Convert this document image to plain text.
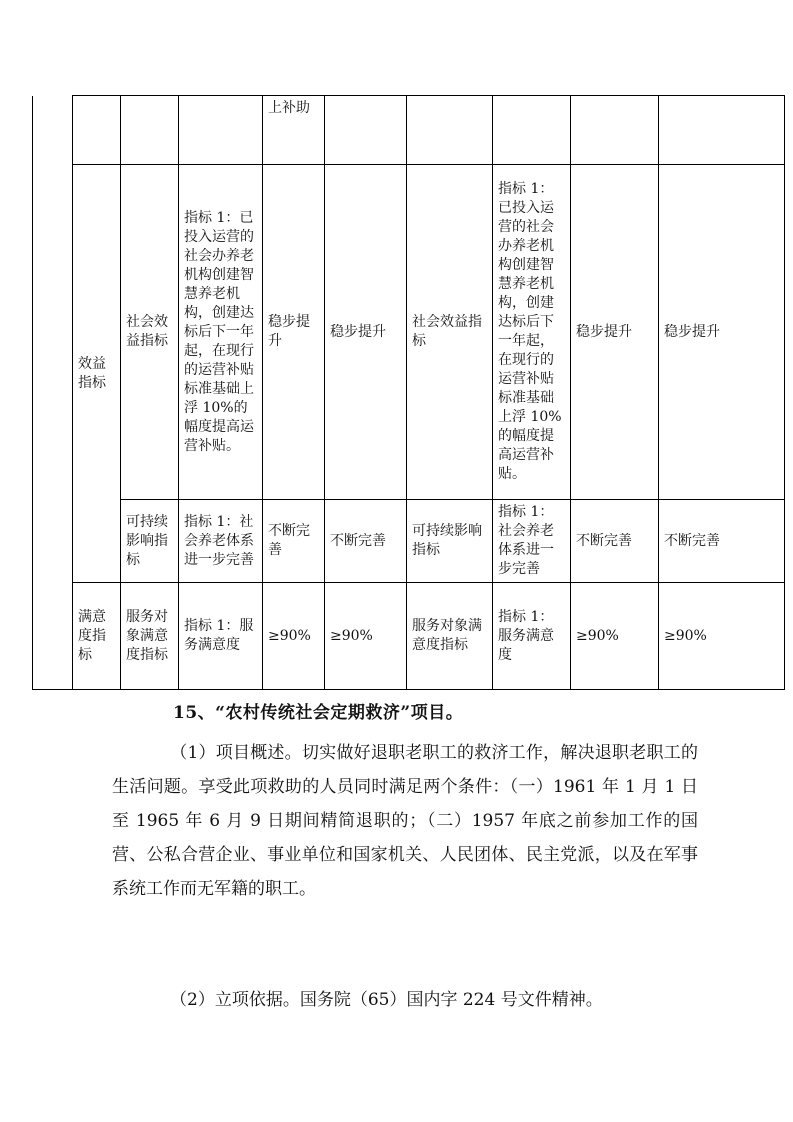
				上补助					
	效益指标	社会效益指标	指标 1：已投入运营的社会办养老机构创建智慧养老机构，创建达标后下一年起，在现行的运营补贴标准基础上浮 10%的幅度提高运营补贴。	稳步提升	稳步提升	社会效益指标	指标 1：已投入运营的社会办养老机构创建智慧养老机构，创建达标后下一年起，在现行的运营补贴标准基础上浮 10%的幅度提高运营补贴。	稳步提升	稳步提升
		可持续影响指标	指标 1：社会养老体系进一步完善	不断完善	不断完善	可持续影响指标	指标 1：社会养老体系进一步完善	不断完善	不断完善
	满意度指标	服务对象满意度指标	指标 1：服务满意度	≥90%	≥90%	服务对象满意度指标	指标 1：服务满意度	≥90%	≥90%
15、“农村传统社会定期救济”项目。
（1）项目概述。切实做好退职老职工的救济工作，解决退职老职工的生活问题。享受此项救助的人员同时满足两个条件：（一）1961 年 1 月 1 日至 1965 年 6 月 9 日期间精简退职的；（二）1957 年底之前参加工作的国营、公私合营企业、事业单位和国家机关、人民团体、民主党派，以及在军事系统工作而无军籍的职工。
（2）立项依据。国务院（65）国内字 224 号文件精神。
